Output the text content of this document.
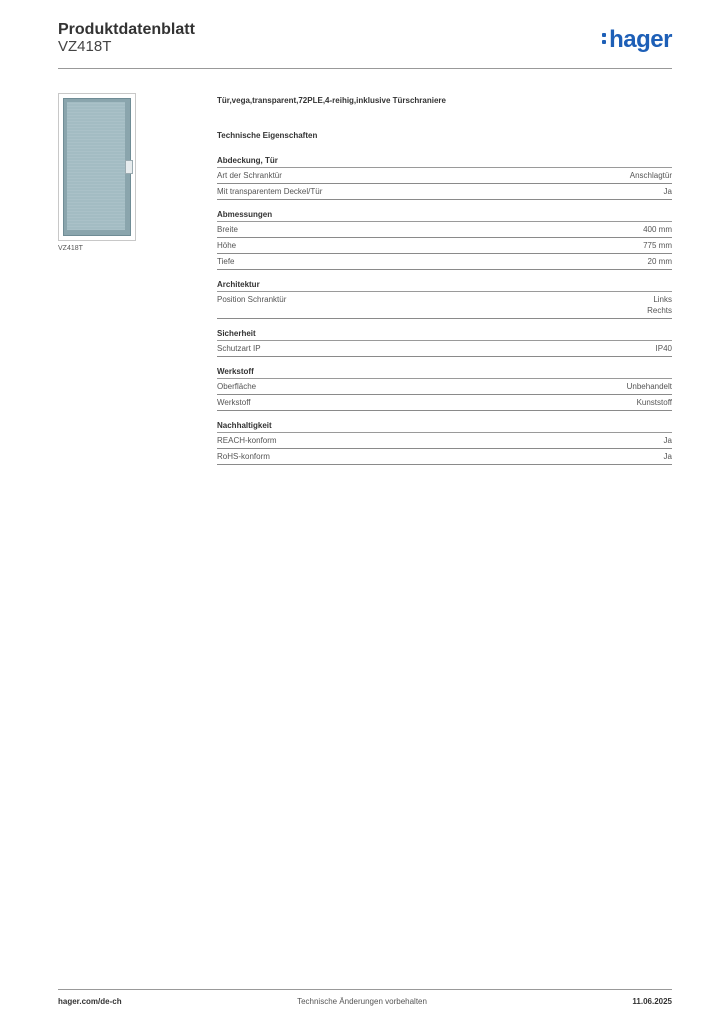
Produktdatenblatt
VZ418T	hager
VZ418T
Tür,vega,transparent,72PLE,4-reihig,inklusive Türschraniere
Technische Eigenschaften
Abdeckung, Tür
Art der Schranktür	Anschlagtür
Mit transparentem Deckel/Tür	Ja
Abmessungen
Breite	400 mm
Höhe	775 mm
Tiefe	20 mm
Architektur
Position Schranktür	Links
Rechts
Sicherheit
Schutzart IP	IP40
Werkstoff
Oberfläche	Unbehandelt
Werkstoff	Kunststoff
Nachhaltigkeit
REACH-konform	Ja
RoHS-konform	Ja
hager.com/de-ch	Technische Änderungen vorbehalten	11.06.2025
